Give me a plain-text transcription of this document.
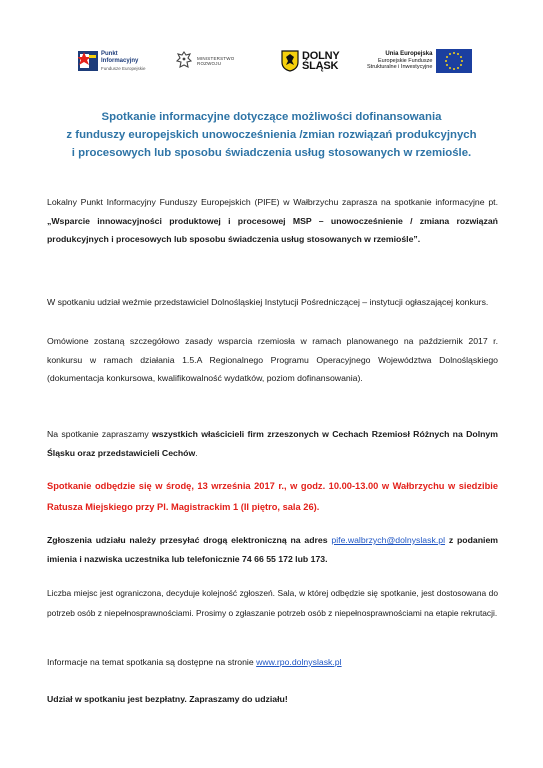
Punkt
Informacyjny
Fundusze Europejskie
MINISTERSTWO
ROZWOJU
DOLNY
ŚLĄSK
Unia Europejska
Europejskie Fundusze
Strukturalne i Inwestycyjne
Spotkanie informacyjne dotyczące możliwości dofinansowania
z funduszy europejskich unowocześnienia /zmian rozwiązań produkcyjnych
i procesowych lub sposobu świadczenia usług stosowanych w rzemiośle.

Lokalny Punkt Informacyjny Funduszy Europejskich (PIFE) w Wałbrzychu zaprasza na spotkanie informacyjne pt. „Wsparcie innowacyjności produktowej i procesowej MSP – unowocześnienie / zmiana rozwiązań produkcyjnych i procesowych lub sposobu świadczenia usług stosowanych w rzemiośle”.

W spotkaniu udział weźmie przedstawiciel Dolnośląskiej Instytucji Pośredniczącej – instytucji ogłaszającej konkurs.

Omówione zostaną szczegółowo zasady wsparcia rzemiosła w ramach planowanego na październik 2017 r. konkursu w ramach działania 1.5.A Regionalnego Programu Operacyjnego Województwa Dolnośląskiego (dokumentacja konkursowa, kwalifikowalność wydatków, poziom dofinansowania).

Na spotkanie zapraszamy wszystkich właścicieli firm zrzeszonych w Cechach Rzemiosł Różnych na Dolnym Śląsku oraz przedstawicieli Cechów.

Spotkanie odbędzie się w środę, 13 września 2017 r., w godz. 10.00-13.00 w Wałbrzychu w siedzibie Ratusza Miejskiego przy Pl. Magistrackim 1 (II piętro, sala 26).

Zgłoszenia udziału należy przesyłać drogą elektroniczną na adres pife.walbrzych@dolnyslask.pl z podaniem imienia i nazwiska uczestnika lub telefonicznie 74 66 55 172 lub 173.

Liczba miejsc jest ograniczona, decyduje kolejność zgłoszeń. Sala, w której odbędzie się spotkanie, jest dostosowana do potrzeb osób z niepełnosprawnościami. Prosimy o zgłaszanie potrzeb osób z niepełnosprawnościami na etapie rekrutacji.

Informacje na temat spotkania są dostępne na stronie www.rpo.dolnyslask.pl

Udział w spotkaniu jest bezpłatny. Zapraszamy do udziału!
